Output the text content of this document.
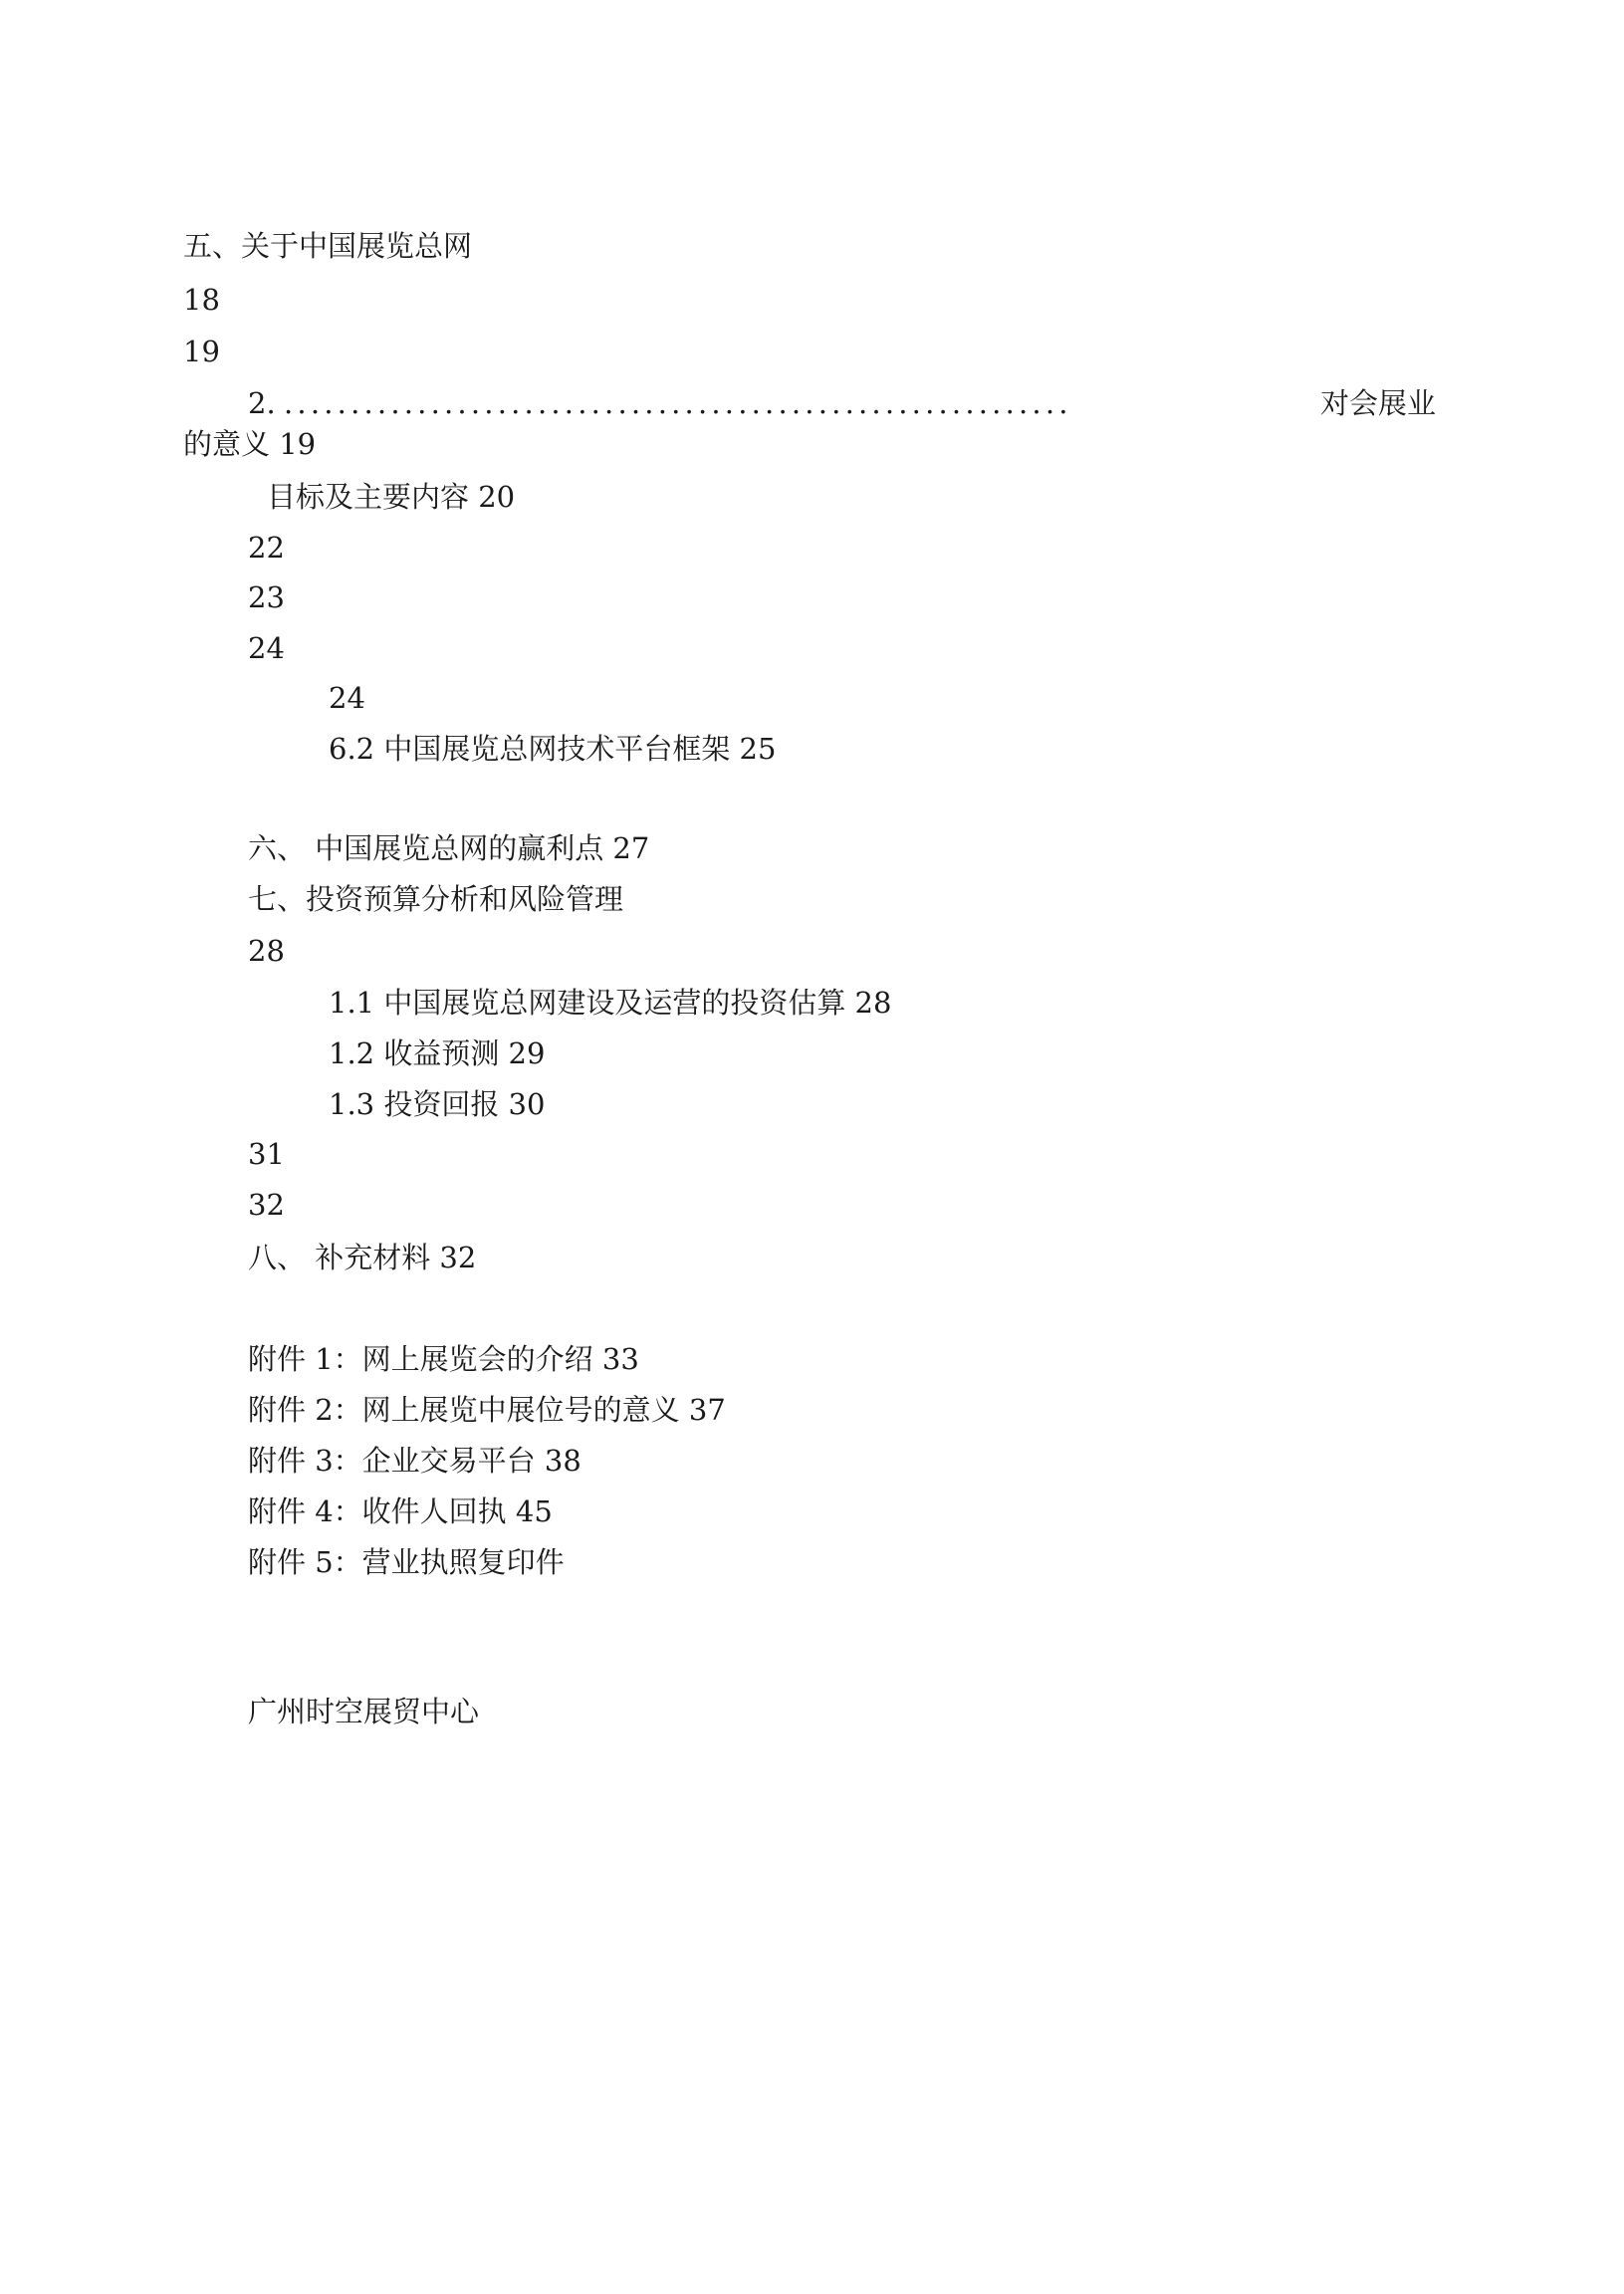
五、关于中国展览总网
18
19
2. ...........................................................	对会展业
的意义 19
目标及主要内容 20
22
23
24
24
6.2 中国展览总网技术平台框架 25
六、 中国展览总网的赢利点 27
七、投资预算分析和风险管理
28
1.1 中国展览总网建设及运营的投资估算 28
1.2 收益预测 29
1.3 投资回报 30
31
32
八、 补充材料 32
附件 1：网上展览会的介绍 33
附件 2：网上展览中展位号的意义 37
附件 3：企业交易平台 38
附件 4：收件人回执 45
附件 5：营业执照复印件
广州时空展贸中心
